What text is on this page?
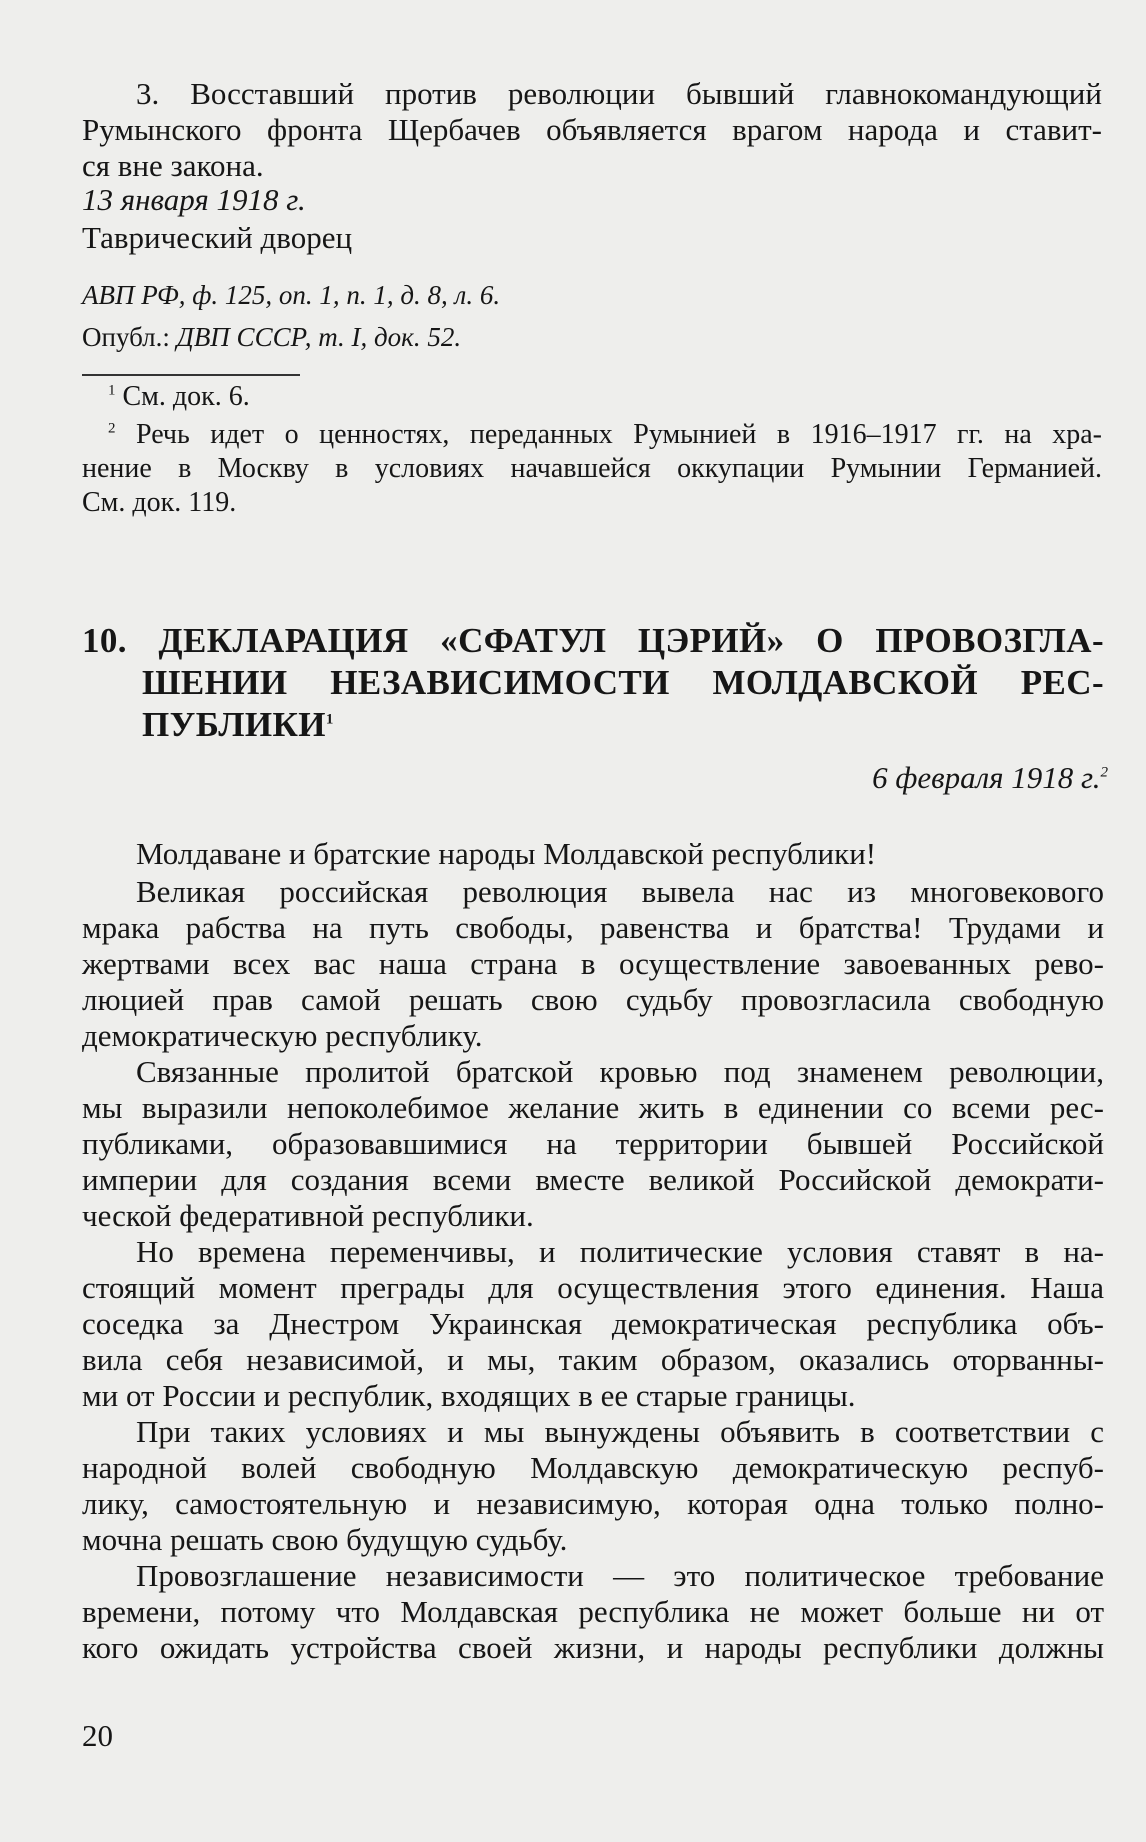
3. Восставший против революции бывший главнокомандующий
Румынского фронта Щербачев объявляется врагом народа и ставит-
ся вне закона.
13 января 1918 г.
Таврический дворец
АВП РФ, ф. 125, оп. 1, п. 1, д. 8, л. 6.
Опубл.: ДВП СССР, т. I, док. 52.
$^1$ См. док. 6.
$^2$ Речь идет о ценностях, переданных Румынией в 1916–1917 гг. на хра-
нение в Москву в условиях начавшейся оккупации Румынии Германией.
См. док. 119.
10. ДЕКЛАРАЦИЯ «СФАТУЛ ЦЭРИЙ» О ПРОВОЗГЛА-
ШЕНИИ НЕЗАВИСИМОСТИ МОЛДАВСКОЙ РЕС-
ПУБЛИКИ$^1$
6 февраля 1918 г.$^2$
Молдаване и братские народы Молдавской республики!
Великая российская революция вывела нас из многовекового
мрака рабства на путь свободы, равенства и братства! Трудами и
жертвами всех вас наша страна в осуществление завоеванных рево-
люцией прав самой решать свою судьбу провозгласила свободную
демократическую республику.
Связанные пролитой братской кровью под знаменем революции,
мы выразили непоколебимое желание жить в единении со всеми рес-
публиками, образовавшимися на территории бывшей Российской
империи для создания всеми вместе великой Российской демократи-
ческой федеративной республики.
Но времена переменчивы, и политические условия ставят в на-
стоящий момент преграды для осуществления этого единения. Наша
соседка за Днестром Украинская демократическая республика объ-
вила себя независимой, и мы, таким образом, оказались оторванны-
ми от России и республик, входящих в ее старые границы.
При таких условиях и мы вынуждены объявить в соответствии с
народной волей свободную Молдавскую демократическую респуб-
лику, самостоятельную и независимую, которая одна только полно-
мочна решать свою будущую судьбу.
Провозглашение независимости — это политическое требование
времени, потому что Молдавская республика не может больше ни от
кого ожидать устройства своей жизни, и народы республики должны
20
